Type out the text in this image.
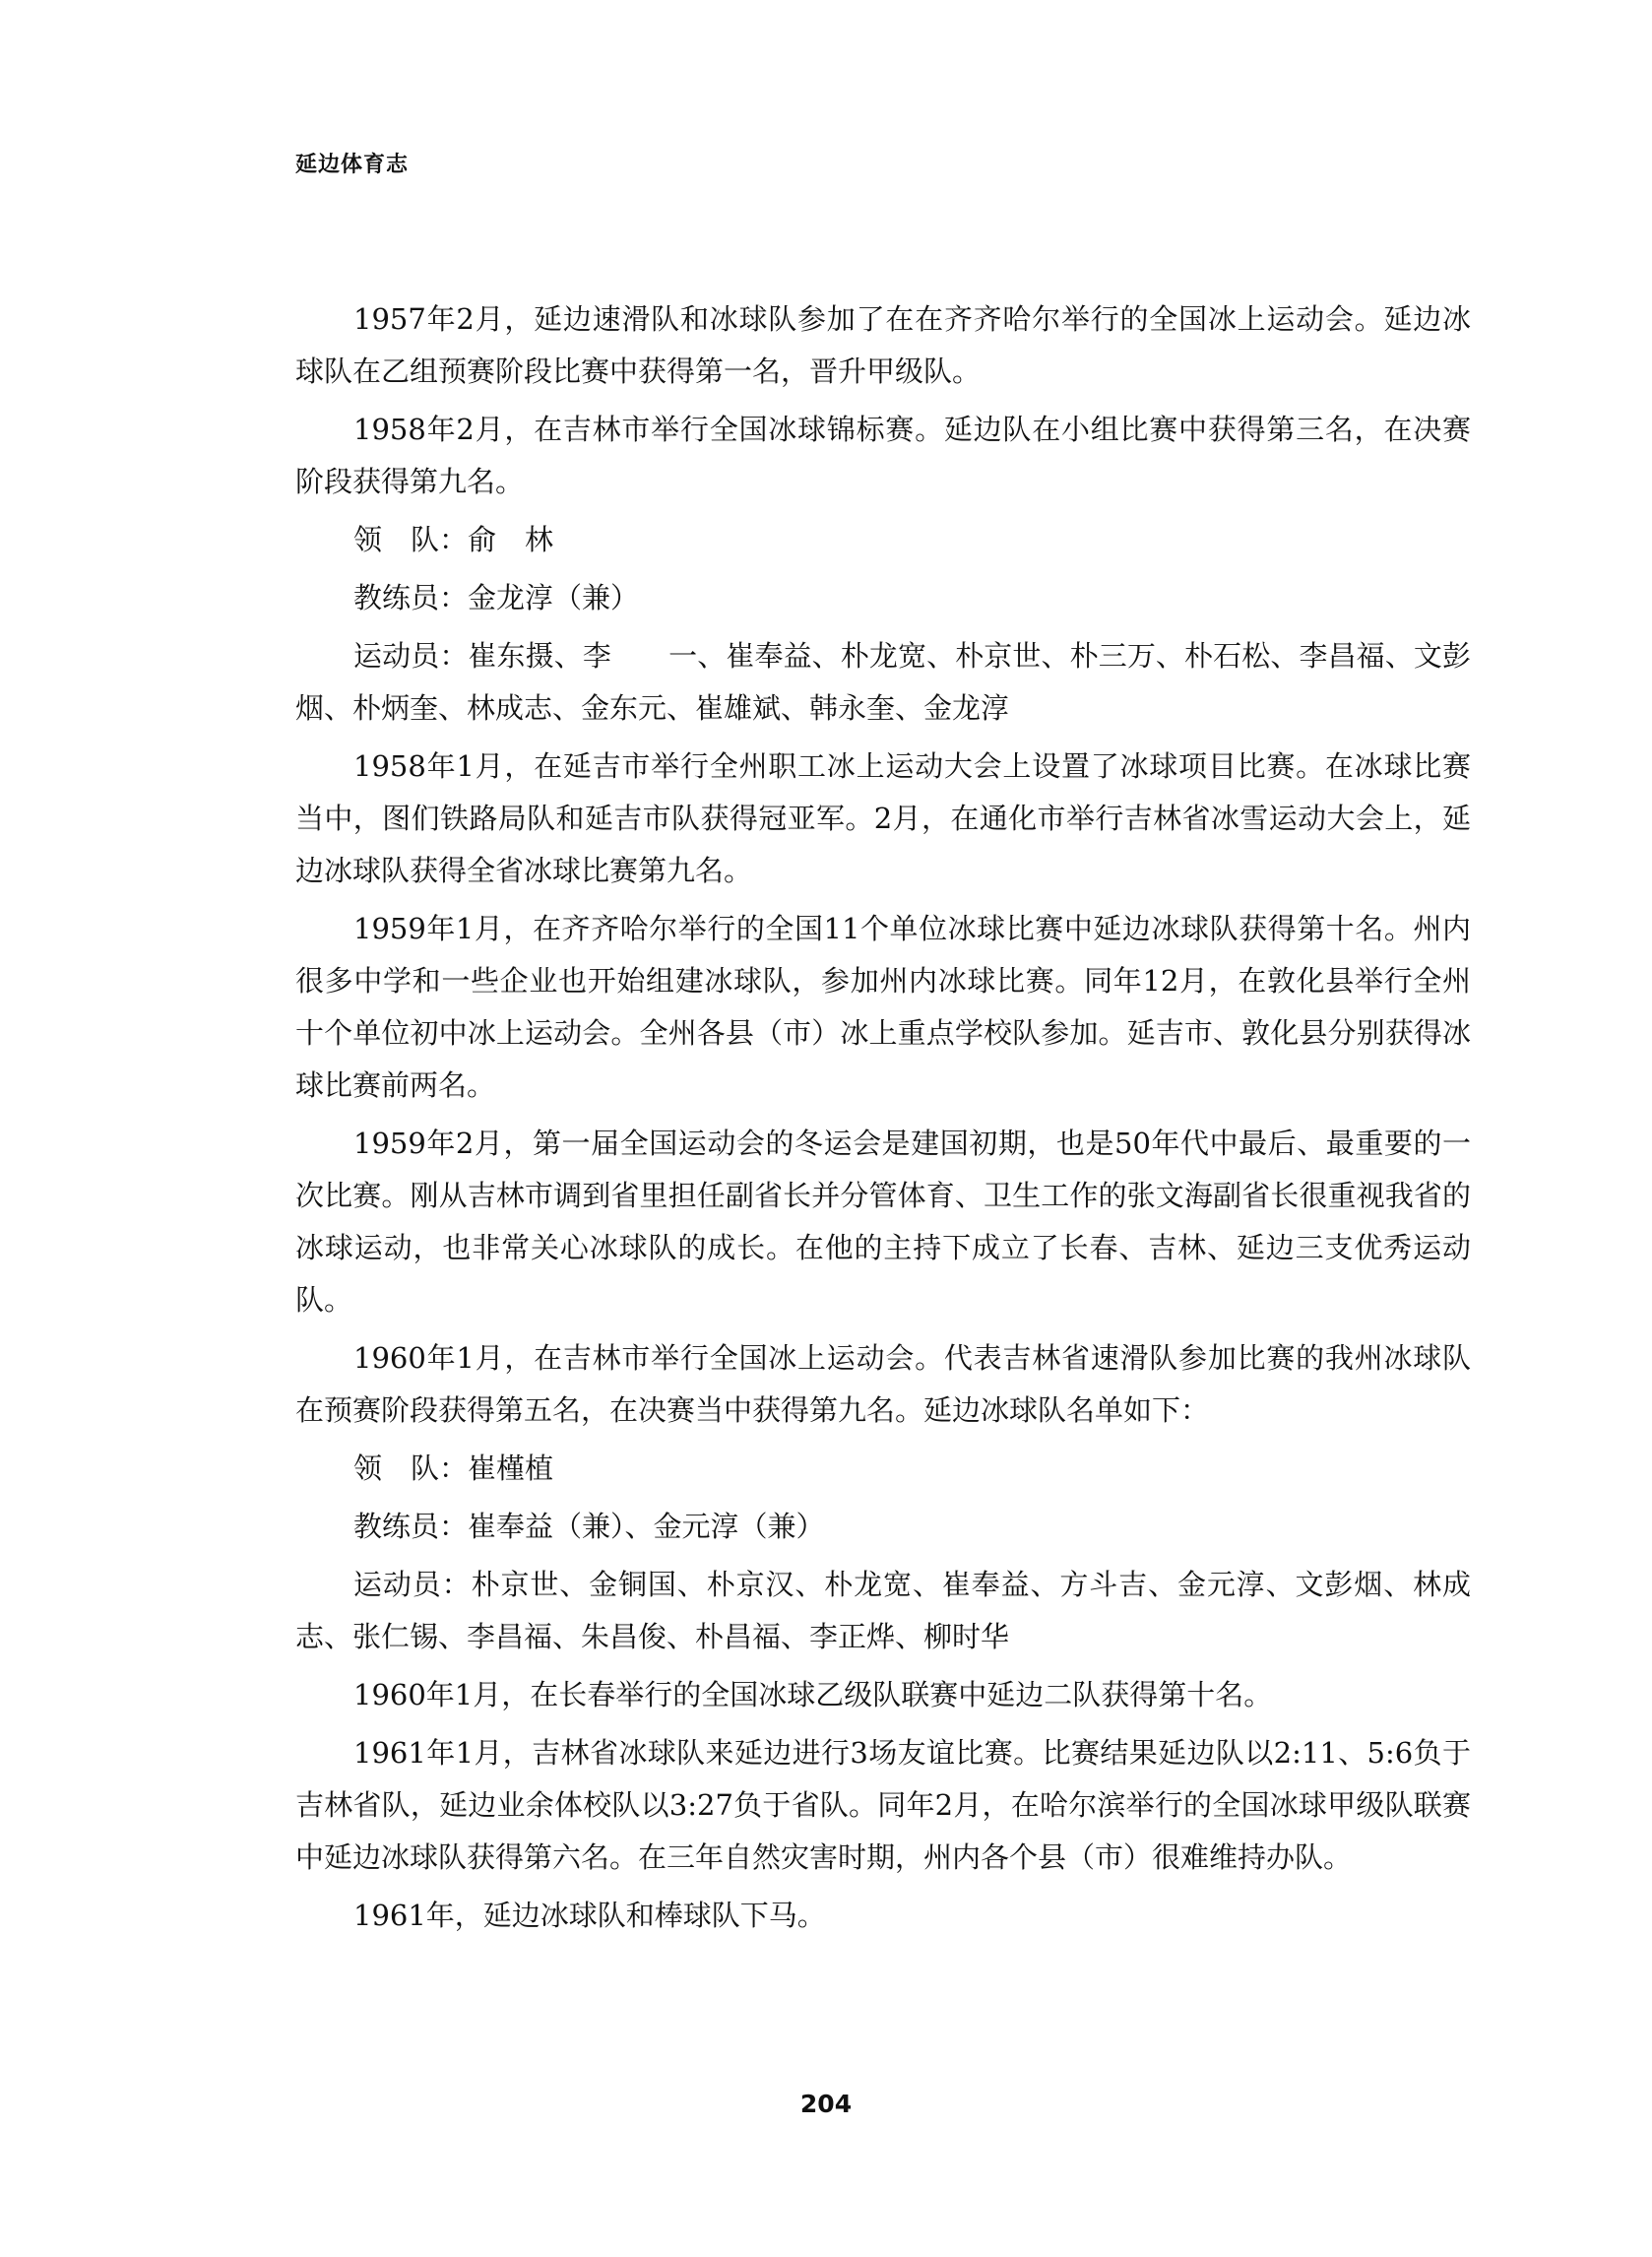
延边体育志

1957年2月，延边速滑队和冰球队参加了在在齐齐哈尔举行的全国冰上运动会。延边冰球队在乙组预赛阶段比赛中获得第一名，晋升甲级队。

1958年2月，在吉林市举行全国冰球锦标赛。延边队在小组比赛中获得第三名，在决赛阶段获得第九名。

领　队：俞　林

教练员：金龙淳（兼）

运动员：崔东摄、李　　一、崔奉益、朴龙宽、朴京世、朴三万、朴石松、李昌福、文彭烟、朴炳奎、林成志、金东元、崔雄斌、韩永奎、金龙淳

1958年1月，在延吉市举行全州职工冰上运动大会上设置了冰球项目比赛。在冰球比赛当中，图们铁路局队和延吉市队获得冠亚军。2月，在通化市举行吉林省冰雪运动大会上，延边冰球队获得全省冰球比赛第九名。

1959年1月，在齐齐哈尔举行的全国11个单位冰球比赛中延边冰球队获得第十名。州内很多中学和一些企业也开始组建冰球队，参加州内冰球比赛。同年12月，在敦化县举行全州十个单位初中冰上运动会。全州各县（市）冰上重点学校队参加。延吉市、敦化县分别获得冰球比赛前两名。

1959年2月，第一届全国运动会的冬运会是建国初期，也是50年代中最后、最重要的一次比赛。刚从吉林市调到省里担任副省长并分管体育、卫生工作的张文海副省长很重视我省的冰球运动，也非常关心冰球队的成长。在他的主持下成立了长春、吉林、延边三支优秀运动队。

1960年1月，在吉林市举行全国冰上运动会。代表吉林省速滑队参加比赛的我州冰球队在预赛阶段获得第五名，在决赛当中获得第九名。延边冰球队名单如下：

领　队：崔槿植

教练员：崔奉益（兼）、金元淳（兼）

运动员：朴京世、金铜国、朴京汉、朴龙宽、崔奉益、方斗吉、金元淳、文彭烟、林成志、张仁锡、李昌福、朱昌俊、朴昌福、李正烨、柳时华

1960年1月，在长春举行的全国冰球乙级队联赛中延边二队获得第十名。

1961年1月，吉林省冰球队来延边进行3场友谊比赛。比赛结果延边队以2:11、5:6负于吉林省队，延边业余体校队以3:27负于省队。同年2月，在哈尔滨举行的全国冰球甲级队联赛中延边冰球队获得第六名。在三年自然灾害时期，州内各个县（市）很难维持办队。

1961年，延边冰球队和棒球队下马。

204
